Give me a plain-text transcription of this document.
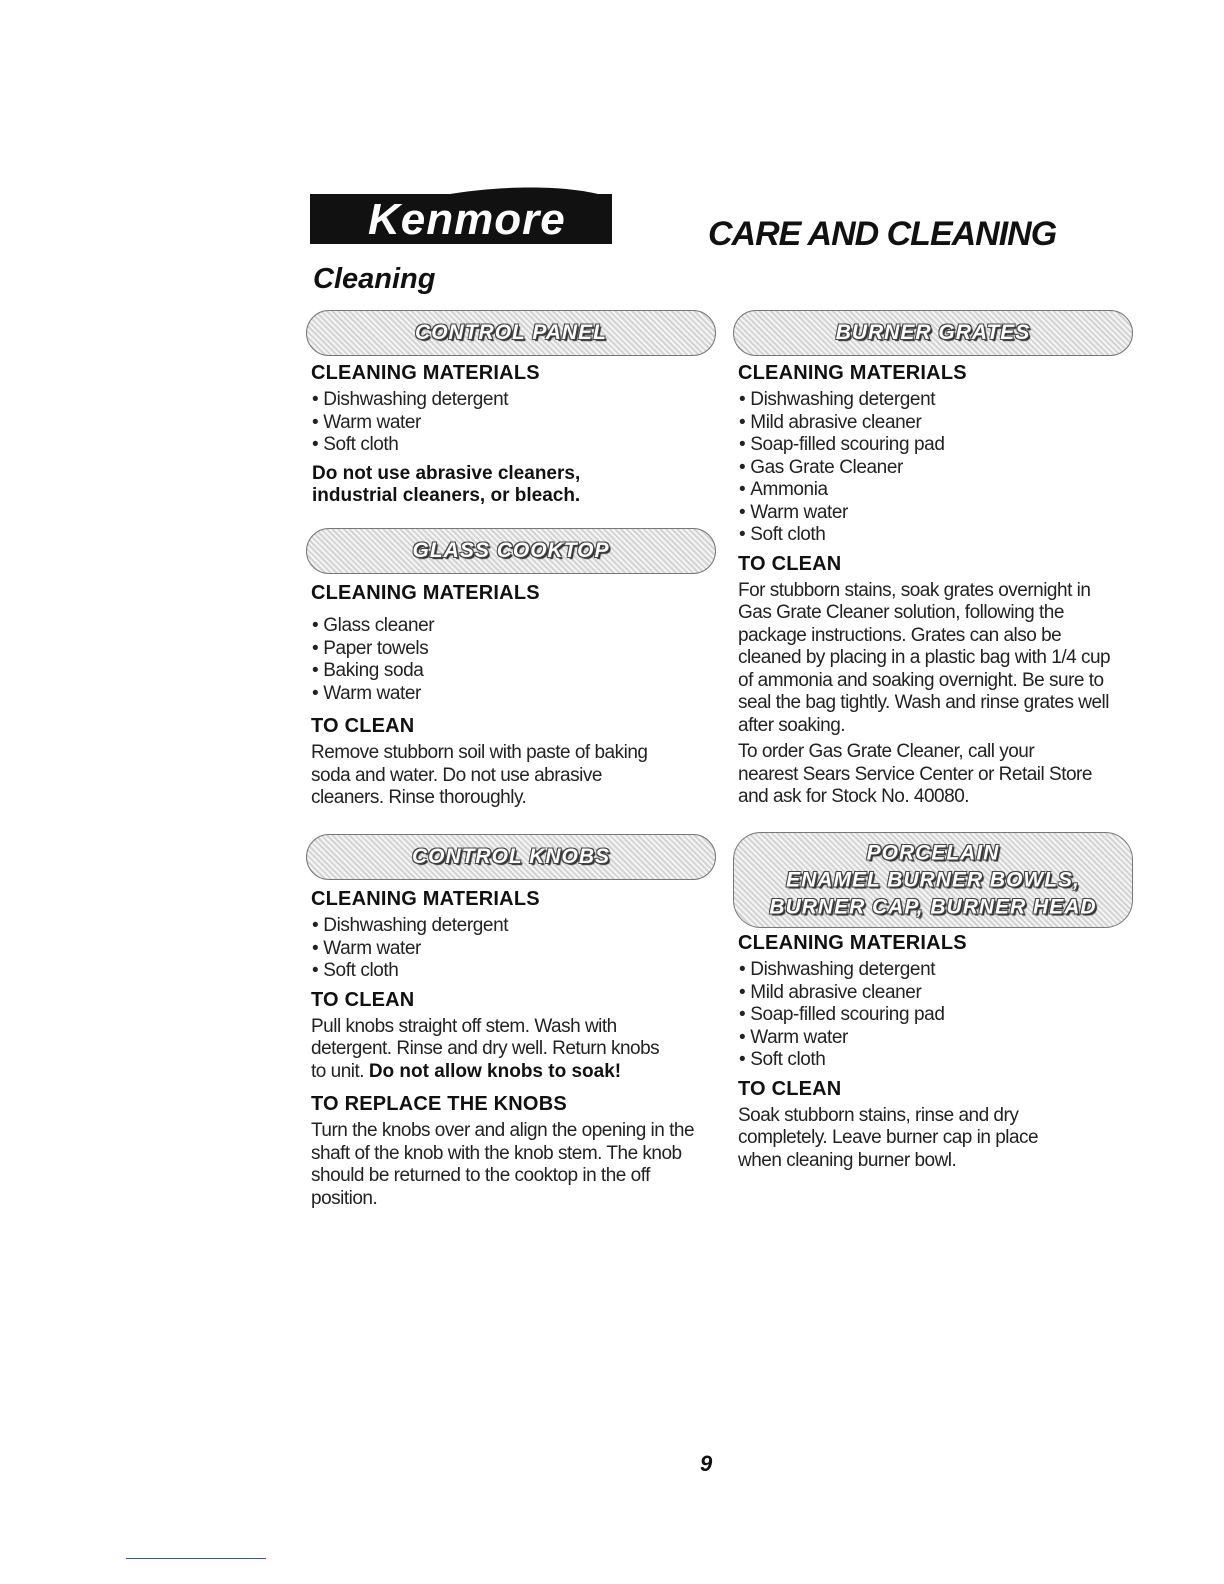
Kenmore	CARE AND CLEANING
Cleaning
CONTROL PANEL
CLEANING MATERIALS
• Dishwashing detergent
• Warm water
• Soft cloth
Do not use abrasive cleaners,
industrial cleaners, or bleach.
GLASS COOKTOP
CLEANING MATERIALS
• Glass cleaner
• Paper towels
• Baking soda
• Warm water
TO CLEAN

Remove stubborn soil with paste of baking soda and water. Do not use abrasive cleaners. Rinse thoroughly.

CONTROL KNOBS
CLEANING MATERIALS
• Dishwashing detergent
• Warm water
• Soft cloth
TO CLEAN

Pull knobs straight off stem. Wash with detergent. Rinse and dry well. Return knobs to unit. Do not allow knobs to soak!

TO REPLACE THE KNOBS

Turn the knobs over and align the opening in the shaft of the knob with the knob stem. The knob should be returned to the cooktop in the off position.

BURNER GRATES
CLEANING MATERIALS
• Dishwashing detergent
• Mild abrasive cleaner
• Soap-filled scouring pad
• Gas Grate Cleaner
• Ammonia
• Warm water
• Soft cloth
TO CLEAN

For stubborn stains, soak grates overnight in Gas Grate Cleaner solution, following the package instructions. Grates can also be cleaned by placing in a plastic bag with 1/4 cup of ammonia and soaking overnight. Be sure to seal the bag tightly. Wash and rinse grates well after soaking.

To order Gas Grate Cleaner, call your nearest Sears Service Center or Retail Store and ask for Stock No. 40080.

PORCELAIN
ENAMEL BURNER BOWLS,
BURNER CAP, BURNER HEAD
CLEANING MATERIALS
• Dishwashing detergent
• Mild abrasive cleaner
• Soap-filled scouring pad
• Warm water
• Soft cloth
TO CLEAN

Soak stubborn stains, rinse and dry completely. Leave burner cap in place when cleaning burner bowl.

9
